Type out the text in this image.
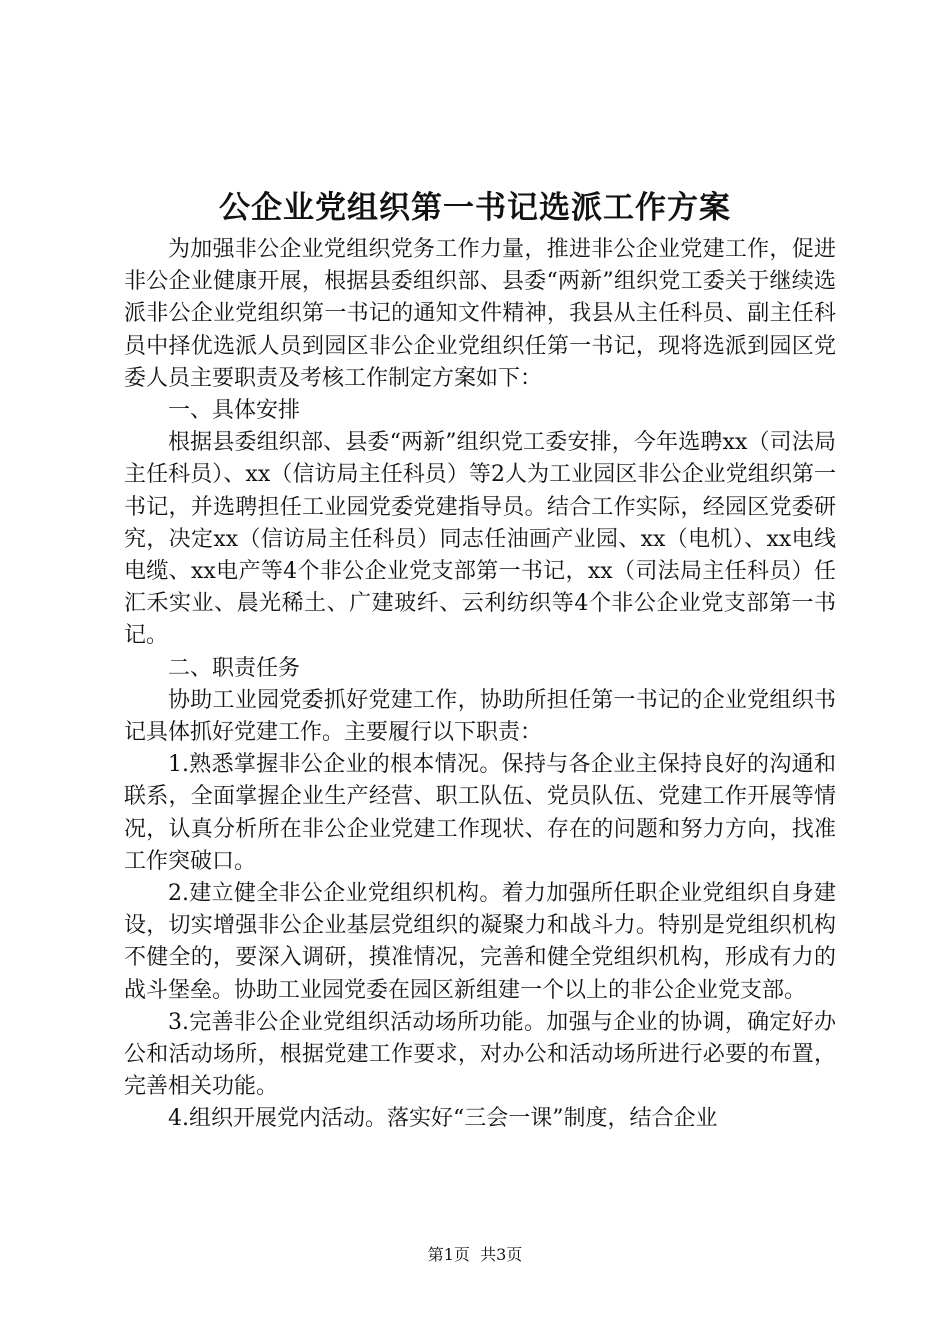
公企业党组织第一书记选派工作方案

为加强非公企业党组织党务工作力量，推进非公企业党建工作，促进非公企业健康开展，根据县委组织部、县委“两新”组织党工委关于继续选派非公企业党组织第一书记的通知文件精神，我县从主任科员、副主任科员中择优选派人员到园区非公企业党组织任第一书记，现将选派到园区党委人员主要职责及考核工作制定方案如下：

一、具体安排

根据县委组织部、县委“两新”组织党工委安排，今年选聘xx（司法局主任科员）、xx（信访局主任科员）等2人为工业园区非公企业党组织第一书记，并选聘担任工业园党委党建指导员。结合工作实际，经园区党委研究，决定xx（信访局主任科员）同志任油画产业园、xx（电机）、xx电线电缆、xx电产等4个非公企业党支部第一书记，xx（司法局主任科员）任汇禾实业、晨光稀土、广建玻纤、云利纺织等4个非公企业党支部第一书记。

二、职责任务

协助工业园党委抓好党建工作，协助所担任第一书记的企业党组织书记具体抓好党建工作。主要履行以下职责：

1.熟悉掌握非公企业的根本情况。保持与各企业主保持良好的沟通和联系，全面掌握企业生产经营、职工队伍、党员队伍、党建工作开展等情况，认真分析所在非公企业党建工作现状、存在的问题和努力方向，找准工作突破口。

2.建立健全非公企业党组织机构。着力加强所任职企业党组织自身建设，切实增强非公企业基层党组织的凝聚力和战斗力。特别是党组织机构不健全的，要深入调研，摸准情况，完善和健全党组织机构，形成有力的战斗堡垒。协助工业园党委在园区新组建一个以上的非公企业党支部。

3.完善非公企业党组织活动场所功能。加强与企业的协调，确定好办公和活动场所，根据党建工作要求，对办公和活动场所进行必要的布置，完善相关功能。

4.组织开展党内活动。落实好“三会一课”制度，结合企业

第1页 共3页
